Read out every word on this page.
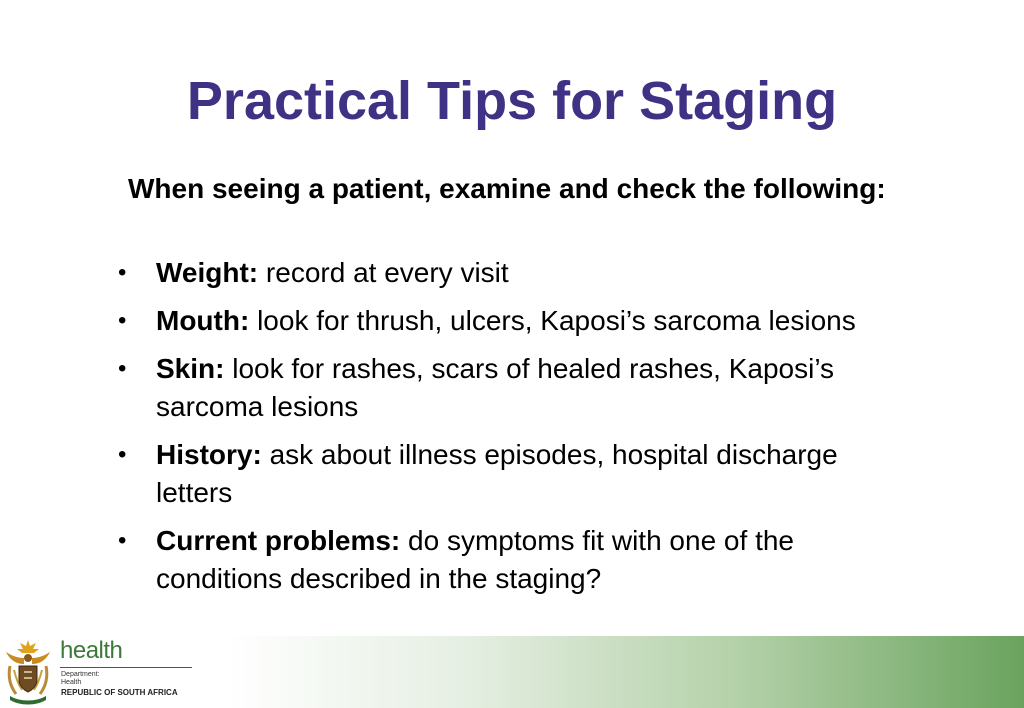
Practical Tips for Staging

When seeing a patient, examine and check the following:

• Weight: record at every visit
• Mouth: look for thrush, ulcers, Kaposi’s sarcoma lesions
• Skin: look for rashes, scars of healed rashes, Kaposi’s sarcoma lesions
• History: ask about illness episodes, hospital discharge letters
• Current problems: do symptoms fit with one of the conditions described in the staging?
health
Department:
Health
REPUBLIC OF SOUTH AFRICA
